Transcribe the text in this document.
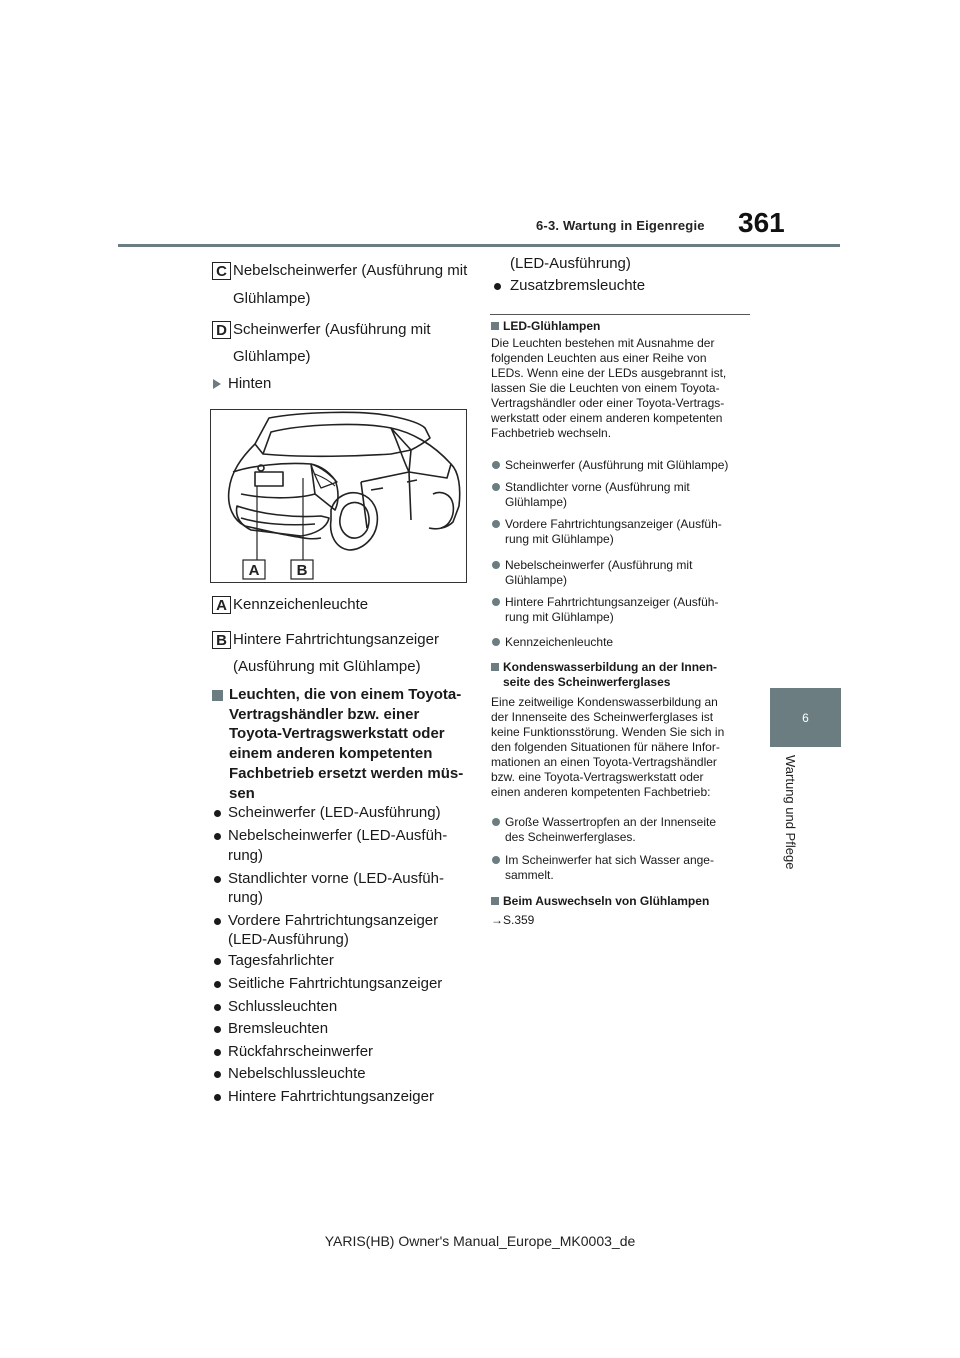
6-3. Wartung in Eigenregie 361
6
Wartung und Pflege
C Nebelscheinwerfer (Ausführung mit
Glühlampe)
D Scheinwerfer (Ausführung mit
Glühlampe)
Hinten
A B
A Kennzeichenleuchte
B Hintere Fahrtrichtungsanzeiger
(Ausführung mit Glühlampe)
Leuchten, die von einem Toyota-
Vertragshändler bzw. einer
Toyota-Vertragswerkstatt oder
einem anderen kompetenten
Fachbetrieb ersetzt werden müs-
sen
Scheinwerfer (LED-Ausführung)
Nebelscheinwerfer (LED-Ausfüh-
rung)
Standlichter vorne (LED-Ausfüh-
rung)
Vordere Fahrtrichtungsanzeiger
(LED-Ausführung)
Tagesfahrlichter
Seitliche Fahrtrichtungsanzeiger
Schlussleuchten
Bremsleuchten
Rückfahrscheinwerfer
Nebelschlussleuchte
Hintere Fahrtrichtungsanzeiger
(LED-Ausführung)
Zusatzbremsleuchte
LED-Glühlampen
Die Leuchten bestehen mit Ausnahme der
folgenden Leuchten aus einer Reihe von
LEDs. Wenn eine der LEDs ausgebrannt ist,
lassen Sie die Leuchten von einem Toyota-
Vertragshändler oder einer Toyota-Vertrags-
werkstatt oder einem anderen kompetenten
Fachbetrieb wechseln.
Scheinwerfer (Ausführung mit Glühlampe)
Standlichter vorne (Ausführung mit
Glühlampe)
Vordere Fahrtrichtungsanzeiger (Ausfüh-
rung mit Glühlampe)
Nebelscheinwerfer (Ausführung mit
Glühlampe)
Hintere Fahrtrichtungsanzeiger (Ausfüh-
rung mit Glühlampe)
Kennzeichenleuchte
Kondenswasserbildung an der Innen-
seite des Scheinwerferglases
Eine zeitweilige Kondenswasserbildung an
der Innenseite des Scheinwerferglases ist
keine Funktionsstörung. Wenden Sie sich in
den folgenden Situationen für nähere Infor-
mationen an einen Toyota-Vertragshändler
bzw. eine Toyota-Vertragswerkstatt oder
einen anderen kompetenten Fachbetrieb:
Große Wassertropfen an der Innenseite
des Scheinwerferglases.
Im Scheinwerfer hat sich Wasser ange-
sammelt.
Beim Auswechseln von Glühlampen
→S.359
YARIS(HB) Owner's Manual_Europe_MK0003_de
